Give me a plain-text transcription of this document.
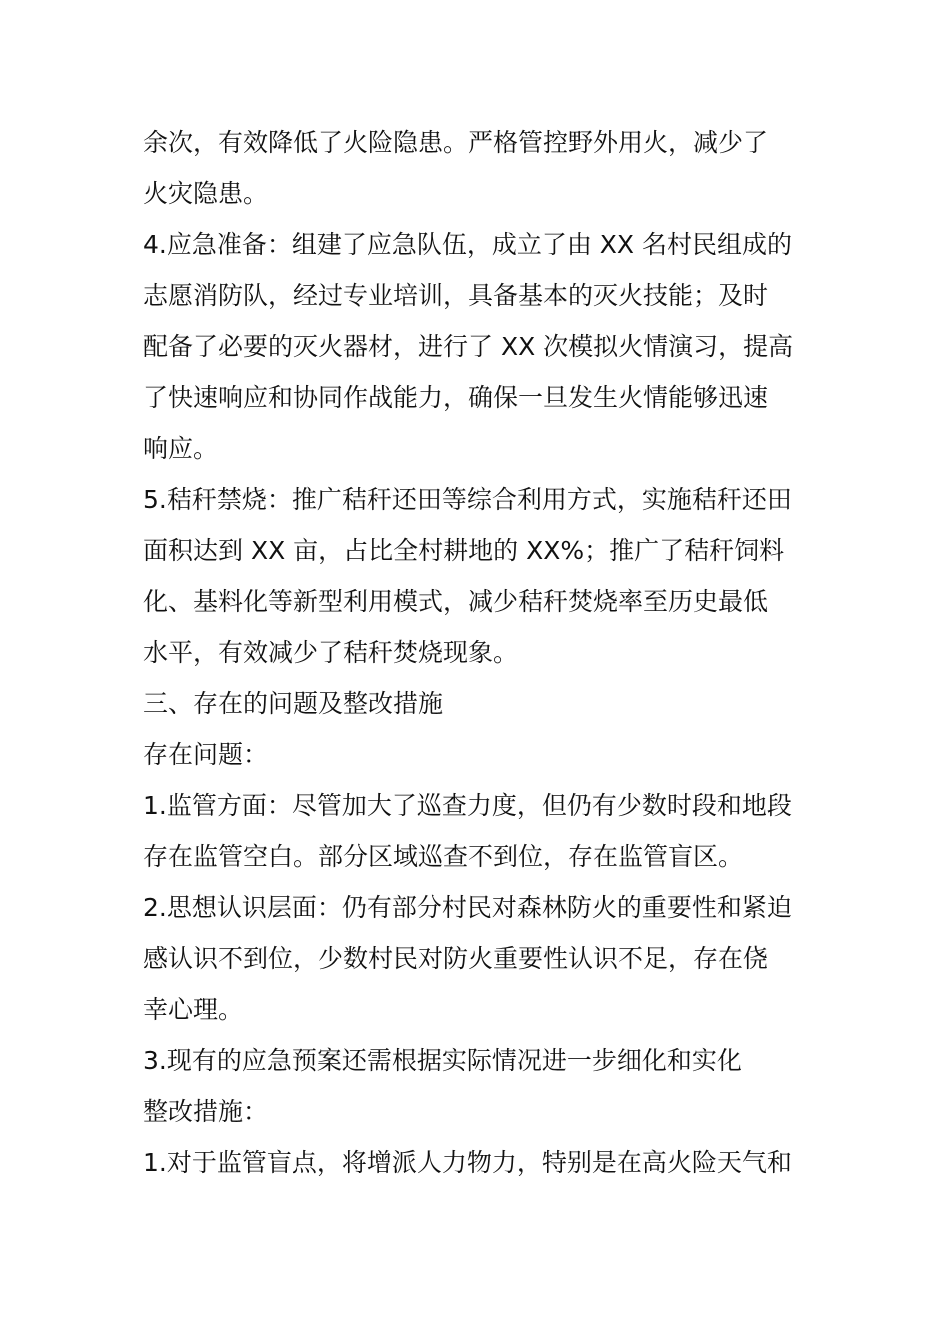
余次，有效降低了火险隐患。严格管控野外用火，减少了
火灾隐患。
4.应急准备：组建了应急队伍，成立了由 XX 名村民组成的
志愿消防队，经过专业培训，具备基本的灭火技能；及时
配备了必要的灭火器材，进行了 XX 次模拟火情演习，提高
了快速响应和协同作战能力，确保一旦发生火情能够迅速
响应。
5.秸秆禁烧：推广秸秆还田等综合利用方式，实施秸秆还田
面积达到 XX 亩，占比全村耕地的 XX%；推广了秸秆饲料
化、基料化等新型利用模式，减少秸秆焚烧率至历史最低
水平，有效减少了秸秆焚烧现象。
三、存在的问题及整改措施
存在问题：
1.监管方面：尽管加大了巡查力度，但仍有少数时段和地段
存在监管空白。部分区域巡查不到位，存在监管盲区。
2.思想认识层面：仍有部分村民对森林防火的重要性和紧迫
感认识不到位，少数村民对防火重要性认识不足，存在侥
幸心理。
3.现有的应急预案还需根据实际情况进一步细化和实化
整改措施：
1.对于监管盲点，将增派人力物力，特别是在高火险天气和
